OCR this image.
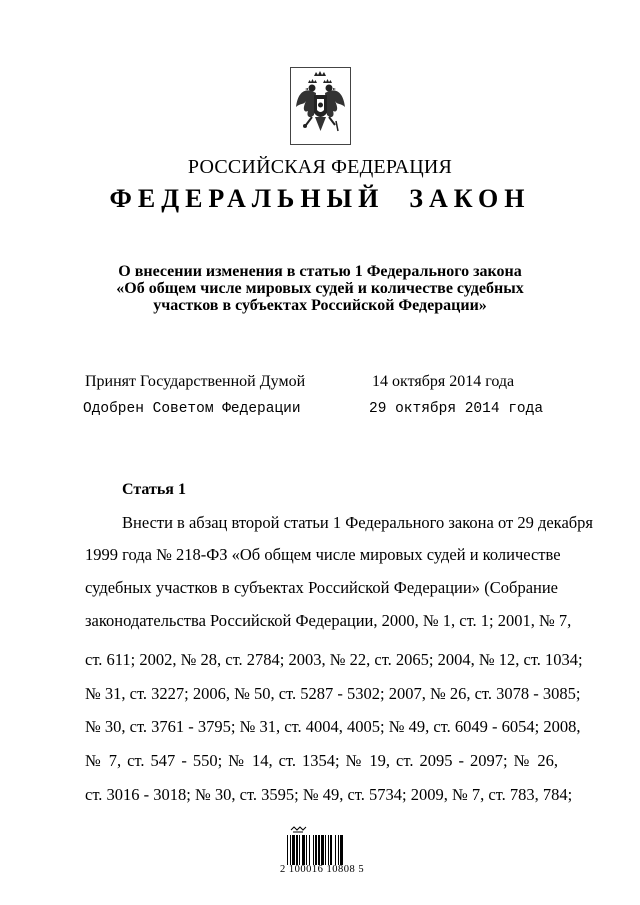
РОССИЙСКАЯ ФЕДЕРАЦИЯ
ФЕДЕРАЛЬНЫЙ  ЗАКОН
О внесении изменения в статью 1 Федерального закона
«Об общем числе мировых судей и количестве судебных
участков в субъектах Российской Федерации»
Принят Государственной Думой	14 октября 2014 года
Одобрен Советом Федерации	29 октября 2014 года
Статья 1
Внести в абзац второй статьи 1 Федерального закона от 29 декабря
1999 года № 218-ФЗ «Об общем числе мировых судей и количестве
судебных участков в субъектах Российской Федерации» (Собрание
законодательства Российской Федерации, 2000, № 1, ст. 1; 2001, № 7,
ст. 611; 2002, № 28, ст. 2784; 2003, № 22, ст. 2065; 2004, № 12, ст. 1034;
№ 31, ст. 3227; 2006, № 50, ст. 5287 - 5302; 2007, № 26, ст. 3078 - 3085;
№ 30, ст. 3761 - 3795; № 31, ст. 4004, 4005; № 49, ст. 6049 - 6054; 2008,
№ 7, ст. 547 - 550; № 14, ст. 1354; № 19, ст. 2095 - 2097; № 26,
ст. 3016 - 3018; № 30, ст. 3595; № 49, ст. 5734; 2009, № 7, ст. 783, 784;
2 100016 10808 5
